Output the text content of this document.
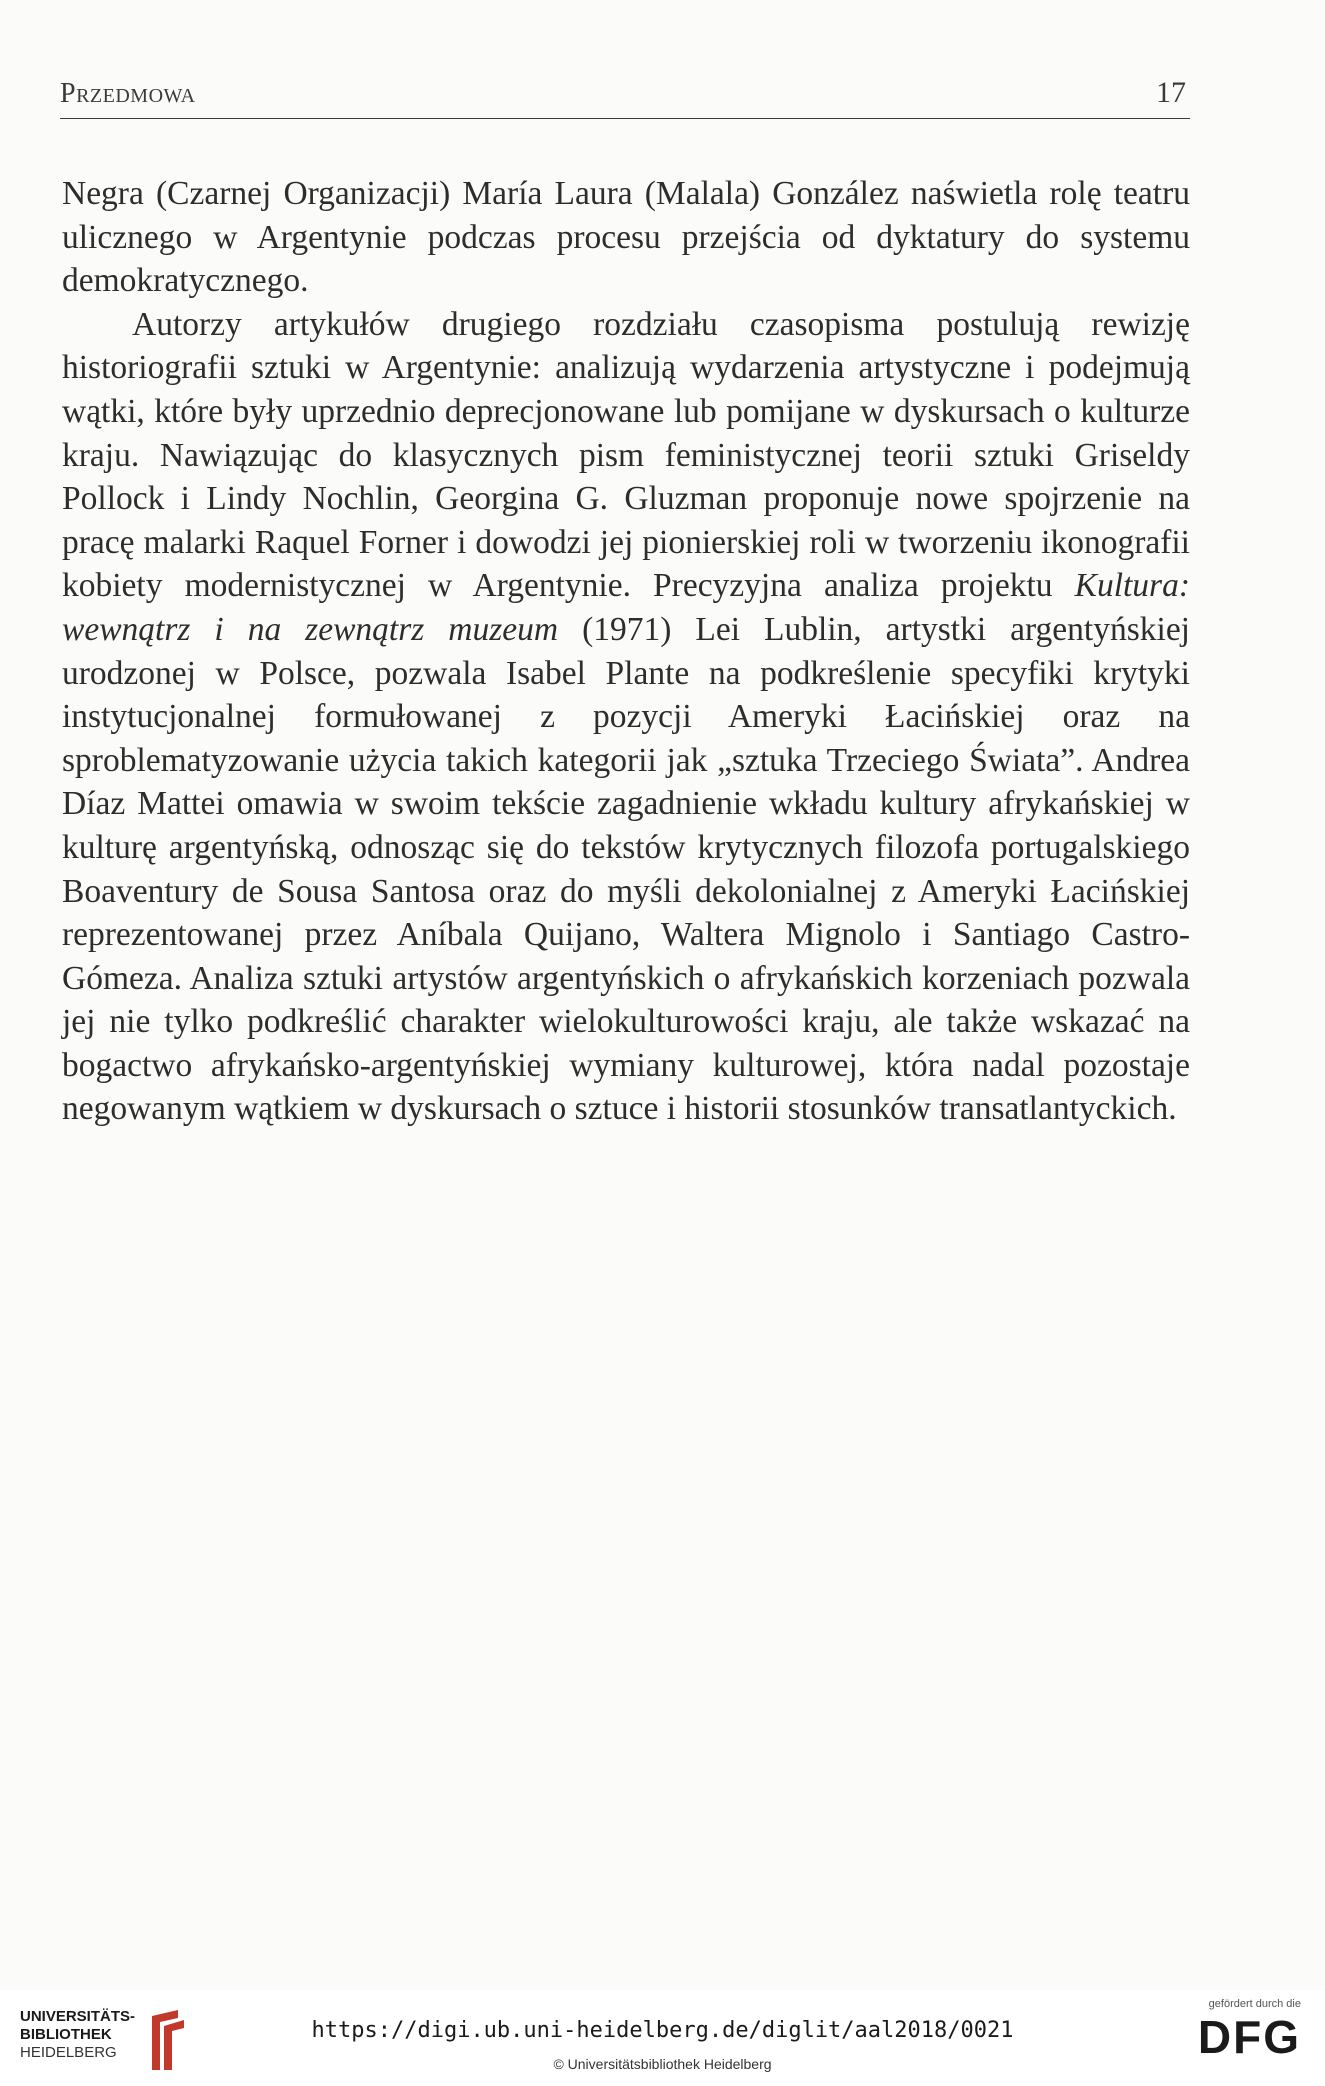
Przedmowa	17

Negra (Czarnej Organizacji) María Laura (Malala) González naświetla rolę teatru ulicznego w Argentynie podczas procesu przejścia od dyktatury do systemu demokratycznego.

Autorzy artykułów drugiego rozdziału czasopisma postulują rewizję historiografii sztuki w Argentynie: analizują wydarzenia artystyczne i podejmują wątki, które były uprzednio deprecjonowane lub pomijane w dyskursach o kulturze kraju. Nawiązując do klasycznych pism feministycznej teorii sztuki Griseldy Pollock i Lindy Nochlin, Georgina G. Gluzman proponuje nowe spojrzenie na pracę malarki Raquel Forner i dowodzi jej pionierskiej roli w tworzeniu ikonografii kobiety modernistycznej w Argentynie. Precyzyjna analiza projektu Kultura: wewnątrz i na zewnątrz muzeum (1971) Lei Lublin, artystki argentyńskiej urodzonej w Polsce, pozwala Isabel Plante na podkreślenie specyfiki krytyki instytucjonalnej formułowanej z pozycji Ameryki Łacińskiej oraz na sproblematyzowanie użycia takich kategorii jak „sztuka Trzeciego Świata”. Andrea Díaz Mattei omawia w swoim tekście zagadnienie wkładu kultury afrykańskiej w kulturę argentyńską, odnosząc się do tekstów krytycznych filozofa portugalskiego Boaventury de Sousa Santosa oraz do myśli dekolonialnej z Ameryki Łacińskiej reprezentowanej przez Aníbala Quijano, Waltera Mignolo i Santiago Castro-Gómeza. Analiza sztuki artystów argentyńskich o afrykańskich korzeniach pozwala jej nie tylko podkreślić charakter wielokulturowości kraju, ale także wskazać na bogactwo afrykańsko-argentyńskiej wymiany kulturowej, która nadal pozostaje negowanym wątkiem w dyskursach o sztuce i historii stosunków transatlantyckich.

UNIVERSITÄTS-
BIBLIOTHEK
HEIDELBERG
https://digi.ub.uni-heidelberg.de/diglit/aal2018/0021
© Universitätsbibliothek Heidelberg
gefördert durch die
DFG
